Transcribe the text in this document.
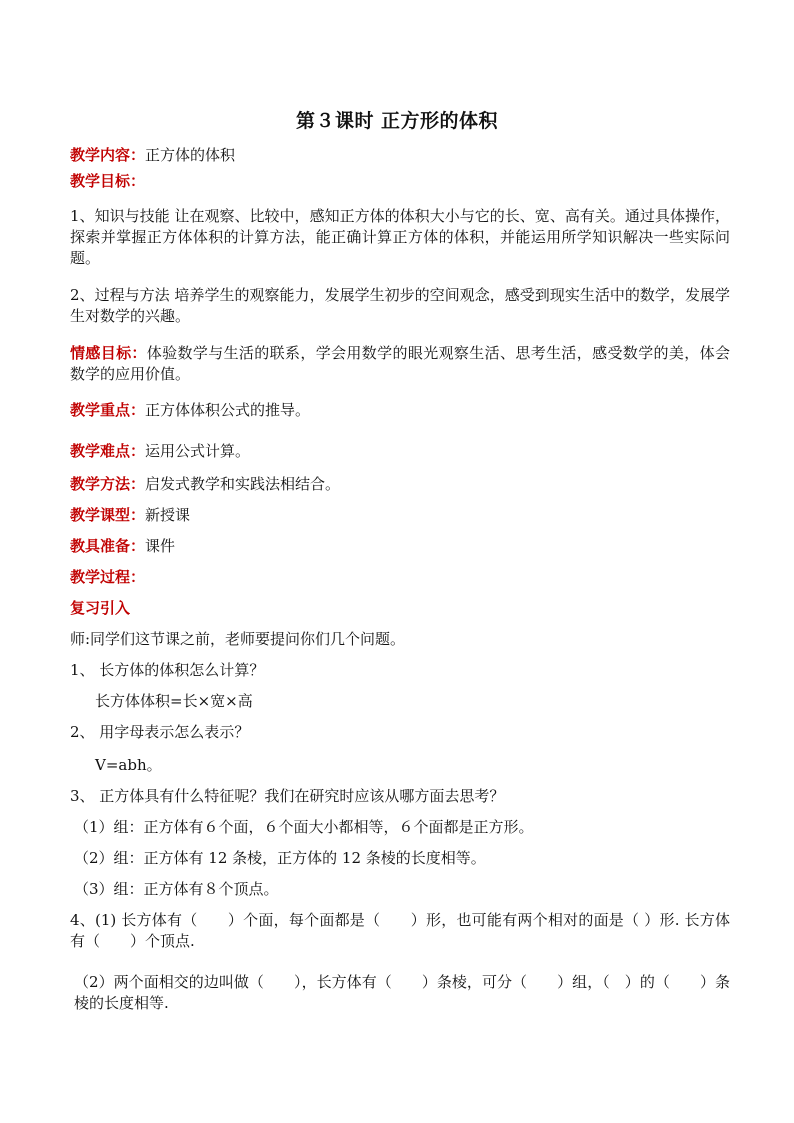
第３课时 正方形的体积
教学内容：正方体的体积
教学目标：
1、知识与技能 让在观察、比较中，感知正方体的体积大小与它的长、宽、高有关。通过具体操作，探索并掌握正方体体积的计算方法，能正确计算正方体的体积，并能运用所学知识解决一些实际问题。
2、过程与方法 培养学生的观察能力，发展学生初步的空间观念，感受到现实生活中的数学，发展学生对数学的兴趣。
情感目标：体验数学与生活的联系，学会用数学的眼光观察生活、思考生活，感受数学的美，体会数学的应用价值。
教学重点：正方体体积公式的推导。
教学难点：运用公式计算。
教学方法：启发式教学和实践法相结合。
教学课型：新授课
教具准备：课件
教学过程：
复习引入
师:同学们这节课之前，老师要提问你们几个问题。
1、 长方体的体积怎么计算？
长方体体积=长×宽×高
2、 用字母表示怎么表示？
V=abh。
3、 正方体具有什么特征呢？我们在研究时应该从哪方面去思考？
（1）组：正方体有６个面，６个面大小都相等，６个面都是正方形。
（2）组：正方体有 12 条棱，正方体的 12 条棱的长度相等。
（3）组：正方体有８个顶点。
4、(1) 长方体有（　　）个面，每个面都是（　　）形，也可能有两个相对的面是（ ）形. 长方体有（　　）个顶点.
（2）两个面相交的边叫做（　　），长方体有（　　）条棱，可分（　　）组，（　）的（　　）条棱的长度相等.
